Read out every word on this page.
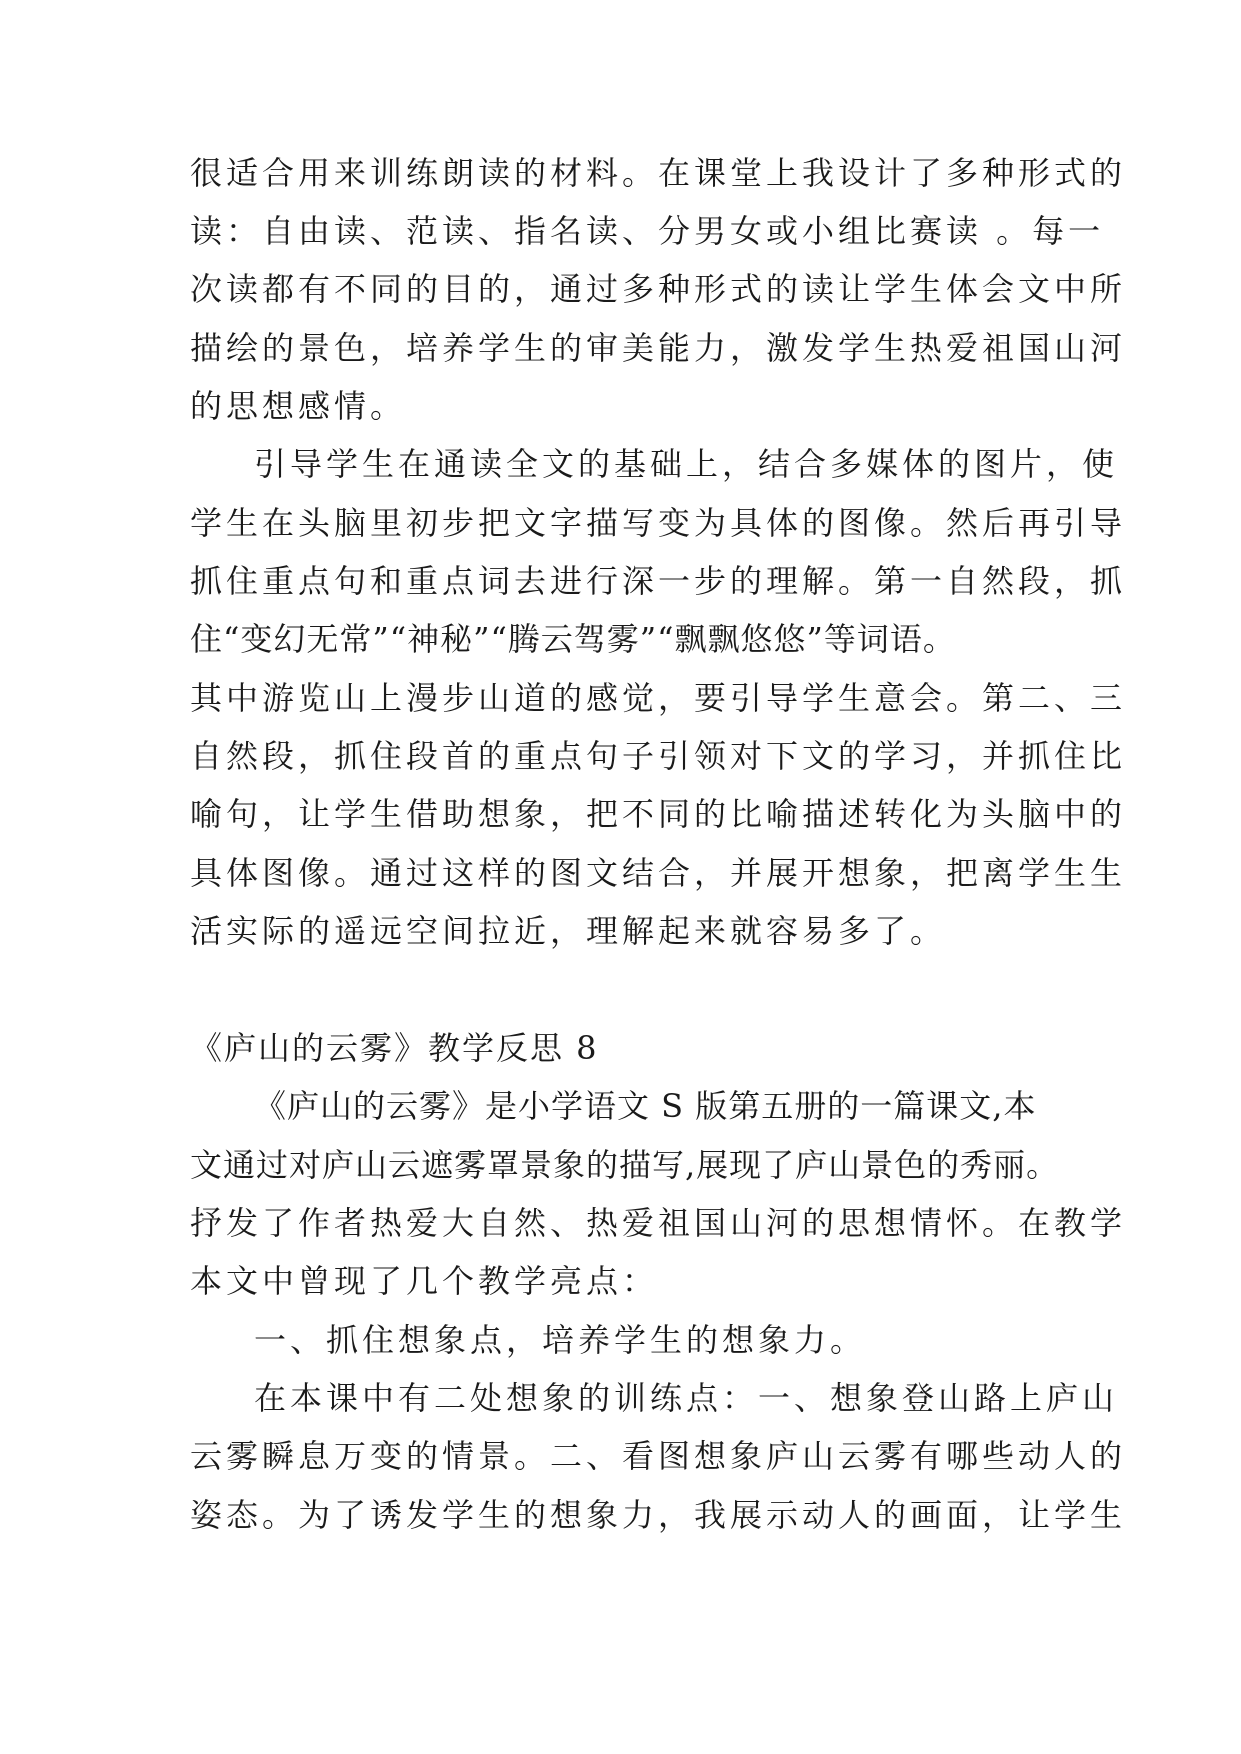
很适合用来训练朗读的材料。在课堂上我设计了多种形式的

读：自由读、范读、指名读、分男女或小组比赛读 。每一

次读都有不同的目的，通过多种形式的读让学生体会文中所

描绘的景色，培养学生的审美能力，激发学生热爱祖国山河

的思想感情。

引导学生在通读全文的基础上，结合多媒体的图片，使

学生在头脑里初步把文字描写变为具体的图像。然后再引导

抓住重点句和重点词去进行深一步的理解。第一自然段，抓

住“变幻无常”“神秘”“腾云驾雾”“飘飘悠悠”等词语。

其中游览山上漫步山道的感觉，要引导学生意会。第二、三

自然段，抓住段首的重点句子引领对下文的学习，并抓住比

喻句，让学生借助想象，把不同的比喻描述转化为头脑中的

具体图像。通过这样的图文结合，并展开想象，把离学生生

活实际的遥远空间拉近，理解起来就容易多了。

《庐山的云雾》教学反思 8

《庐山的云雾》是小学语文 S 版第五册的一篇课文,本

文通过对庐山云遮雾罩景象的描写,展现了庐山景色的秀丽。

抒发了作者热爱大自然、热爱祖国山河的思想情怀。在教学

本文中曾现了几个教学亮点：

一、抓住想象点，培养学生的想象力。

在本课中有二处想象的训练点：一、想象登山路上庐山

云雾瞬息万变的情景。二、看图想象庐山云雾有哪些动人的

姿态。为了诱发学生的想象力，我展示动人的画面，让学生
